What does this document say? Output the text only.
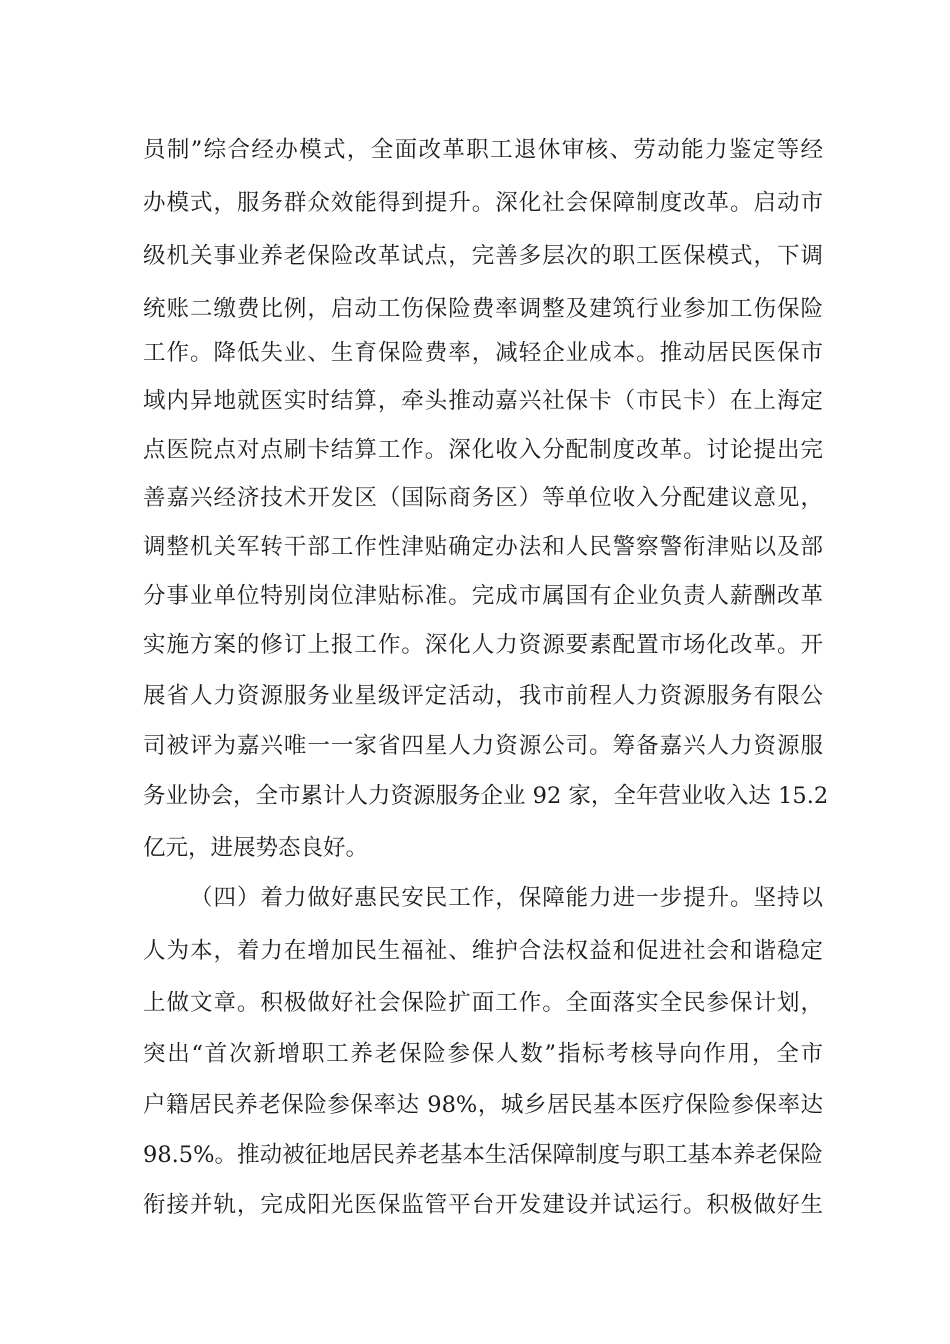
员制”综合经办模式，全面改革职工退休审核、劳动能力鉴定等经
办模式，服务群众效能得到提升。深化社会保障制度改革。启动市
级机关事业养老保险改革试点，完善多层次的职工医保模式，下调
统账二缴费比例，启动工伤保险费率调整及建筑行业参加工伤保险
工作。降低失业、生育保险费率，减轻企业成本。推动居民医保市
域内异地就医实时结算，牵头推动嘉兴社保卡（市民卡）在上海定
点医院点对点刷卡结算工作。深化收入分配制度改革。讨论提出完
善嘉兴经济技术开发区（国际商务区）等单位收入分配建议意见，
调整机关军转干部工作性津贴确定办法和人民警察警衔津贴以及部
分事业单位特别岗位津贴标准。完成市属国有企业负责人薪酬改革
实施方案的修订上报工作。深化人力资源要素配置市场化改革。开
展省人力资源服务业星级评定活动，我市前程人力资源服务有限公
司被评为嘉兴唯一一家省四星人力资源公司。筹备嘉兴人力资源服
务业协会，全市累计人力资源服务企业 92 家，全年营业收入达 15.2
亿元，进展势态良好。
（四）着力做好惠民安民工作，保障能力进一步提升。坚持以
人为本，着力在增加民生福祉、维护合法权益和促进社会和谐稳定
上做文章。积极做好社会保险扩面工作。全面落实全民参保计划，
突出“首次新增职工养老保险参保人数”指标考核导向作用，全市
户籍居民养老保险参保率达 98%，城乡居民基本医疗保险参保率达
98.5%。推动被征地居民养老基本生活保障制度与职工基本养老保险
衔接并轨，完成阳光医保监管平台开发建设并试运行。积极做好生
